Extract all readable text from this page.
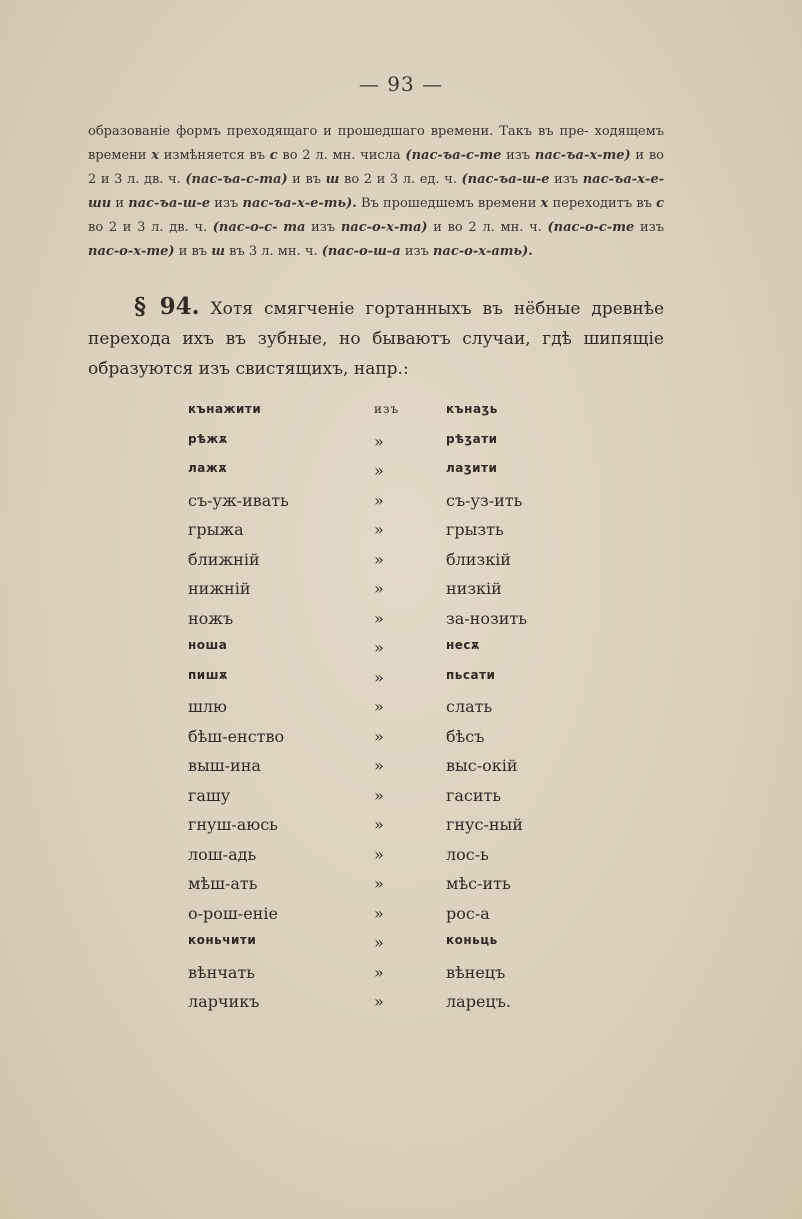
— 93 —
образованіе формъ преходящаго и прошедшаго времени. Такъ въ пре- ходящемъ времени х измѣняется въ с во 2 л. мн. числа (пас-ъа-с-те изъ пас-ъа-х-те) и во 2 и 3 л. дв. ч. (пас-ъа-с-та) и въ ш во 2 и 3 л. ед. ч. (пас-ъа-ш-е изъ пас-ъа-х-е-ши и пас-ъа-ш-е изъ пас-ъа-х-е-ть). Въ прошедшемъ времени х переходитъ въ с во 2 и 3 л. дв. ч. (пас-о-с- та изъ пас-о-х-та) и во 2 л. мн. ч. (пас-о-с-те изъ пас-о-х-те) и въ ш въ 3 л. мн. ч. (пас-о-ш-а изъ пас-о-х-ать).
§ 94. Хотя смягченіе гортанныхъ въ нёбные древнѣе перехода ихъ въ зубные, но бываютъ случаи, гдѣ шипящіе образуются изъ свистящихъ, напр.:
кънажити	изъ	кънаӡь
рѣжѫ	»	рѣӡати
лажѫ	»	лаӡити
съ-уж-ивать	»	съ-уз-ить
грыжа	»	грызть
ближній	»	близкій
нижній	»	низкій
ножъ	»	за-нозить
ноша	»	несѫ
пишѫ	»	пьсати
шлю	»	слать
бѣш-енство	»	бѣсъ
выш-ина	»	выс-окій
гашу	»	гасить
гнуш-аюсь	»	гнус-ный
лош-адь	»	лос-ь
мѣш-ать	»	мѣс-ить
о-рош-еніе	»	рос-а
коньчити	»	коньць
вѣнчать	»	вѣнецъ
ларчикъ	»	ларецъ.
